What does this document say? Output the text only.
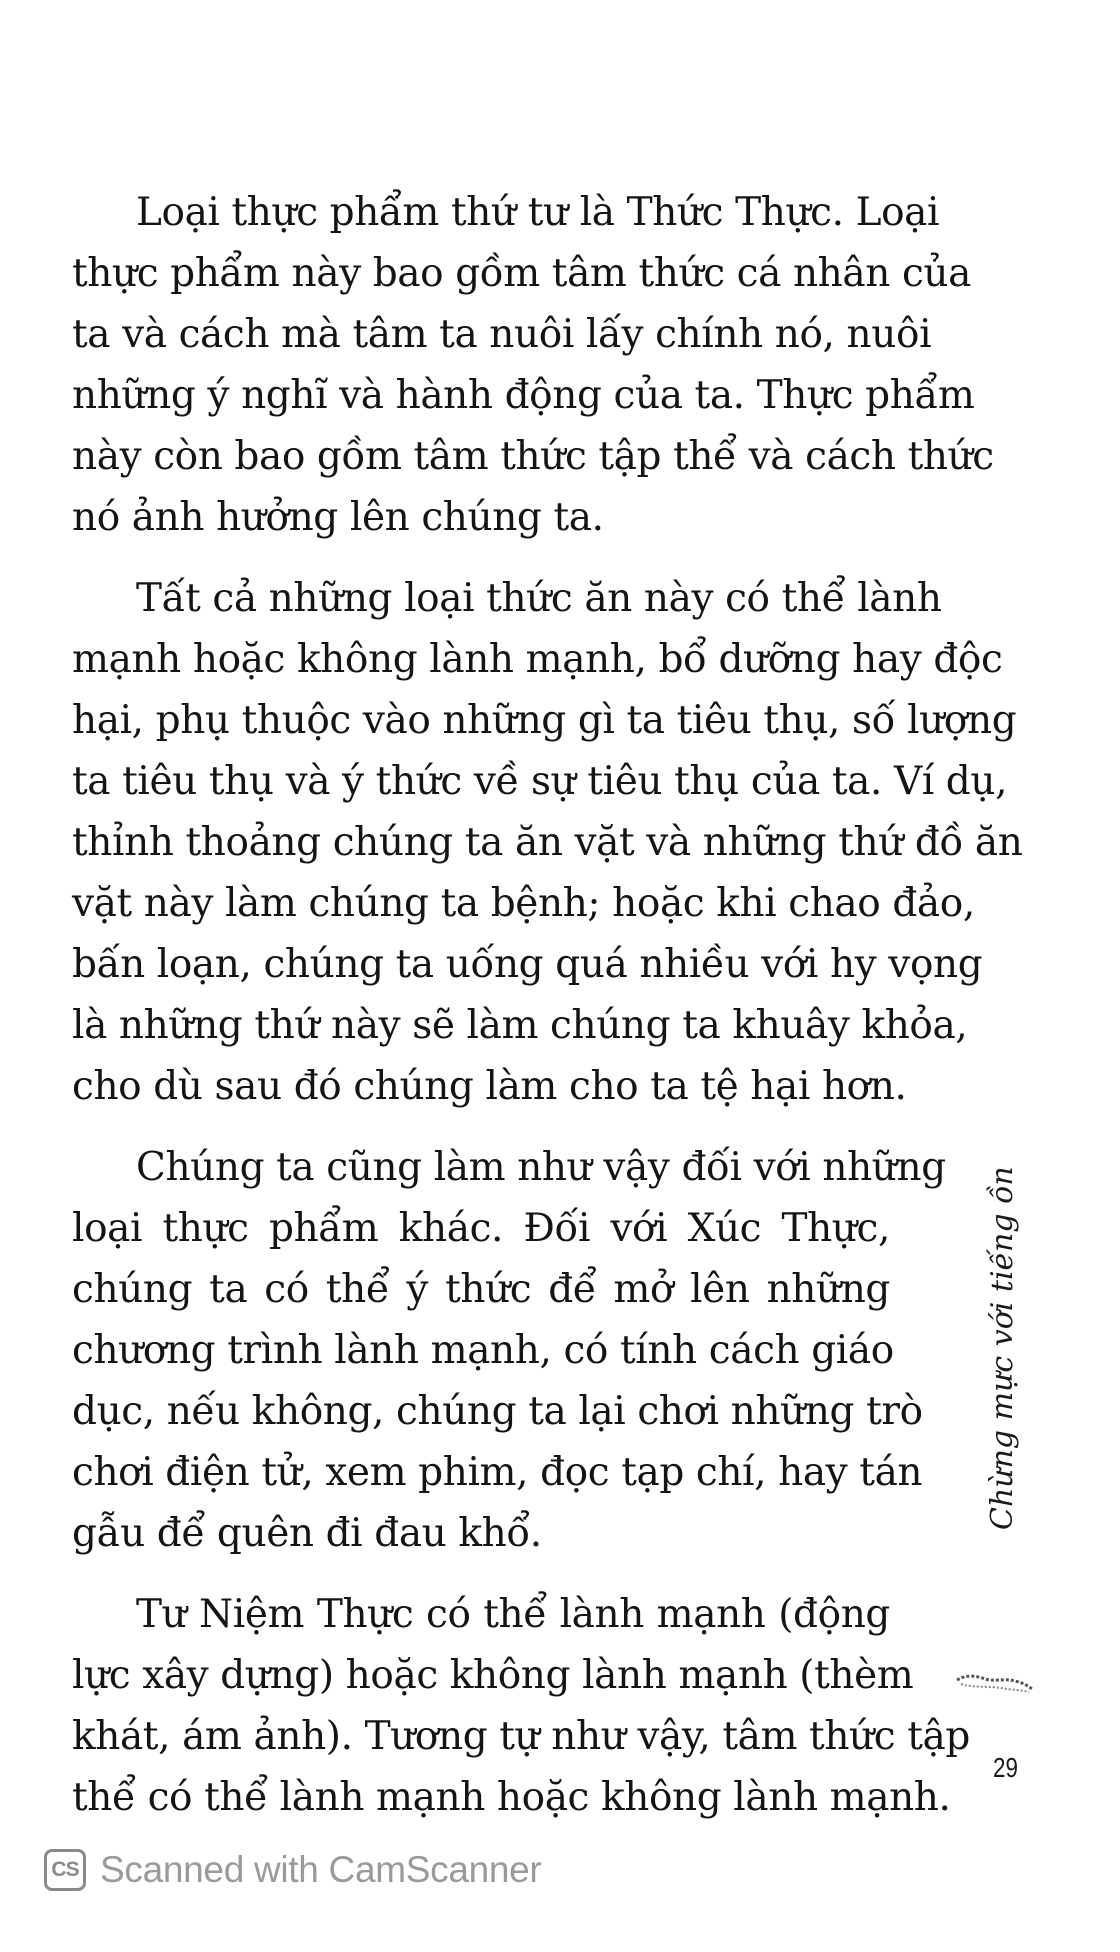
Loại thực phẩm thứ tư là Thức Thực. Loại
thực phẩm này bao gồm tâm thức cá nhân của
ta và cách mà tâm ta nuôi lấy chính nó, nuôi
những ý nghĩ và hành động của ta. Thực phẩm
này còn bao gồm tâm thức tập thể và cách thức
nó ảnh hưởng lên chúng ta.
Tất cả những loại thức ăn này có thể lành
mạnh hoặc không lành mạnh, bổ dưỡng hay độc
hại, phụ thuộc vào những gì ta tiêu thụ, số lượng
ta tiêu thụ và ý thức về sự tiêu thụ của ta. Ví dụ,
thỉnh thoảng chúng ta ăn vặt và những thứ đồ ăn
vặt này làm chúng ta bệnh; hoặc khi chao đảo,
bấn loạn, chúng ta uống quá nhiều với hy vọng
là những thứ này sẽ làm chúng ta khuây khỏa,
cho dù sau đó chúng làm cho ta tệ hại hơn.
Chúng ta cũng làm như vậy đối với những
loại thực phẩm khác. Đối với Xúc Thực,
chúng ta có thể ý thức để mở lên những
chương trình lành mạnh, có tính cách giáo
dục, nếu không, chúng ta lại chơi những trò
chơi điện tử, xem phim, đọc tạp chí, hay tán
gẫu để quên đi đau khổ.
Tư Niệm Thực có thể lành mạnh (động
lực xây dựng) hoặc không lành mạnh (thèm
khát, ám ảnh). Tương tự như vậy, tâm thức tập
thể có thể lành mạnh hoặc không lành mạnh.
Chừng mực với tiếng ồn
29
CS Scanned with CamScanner
